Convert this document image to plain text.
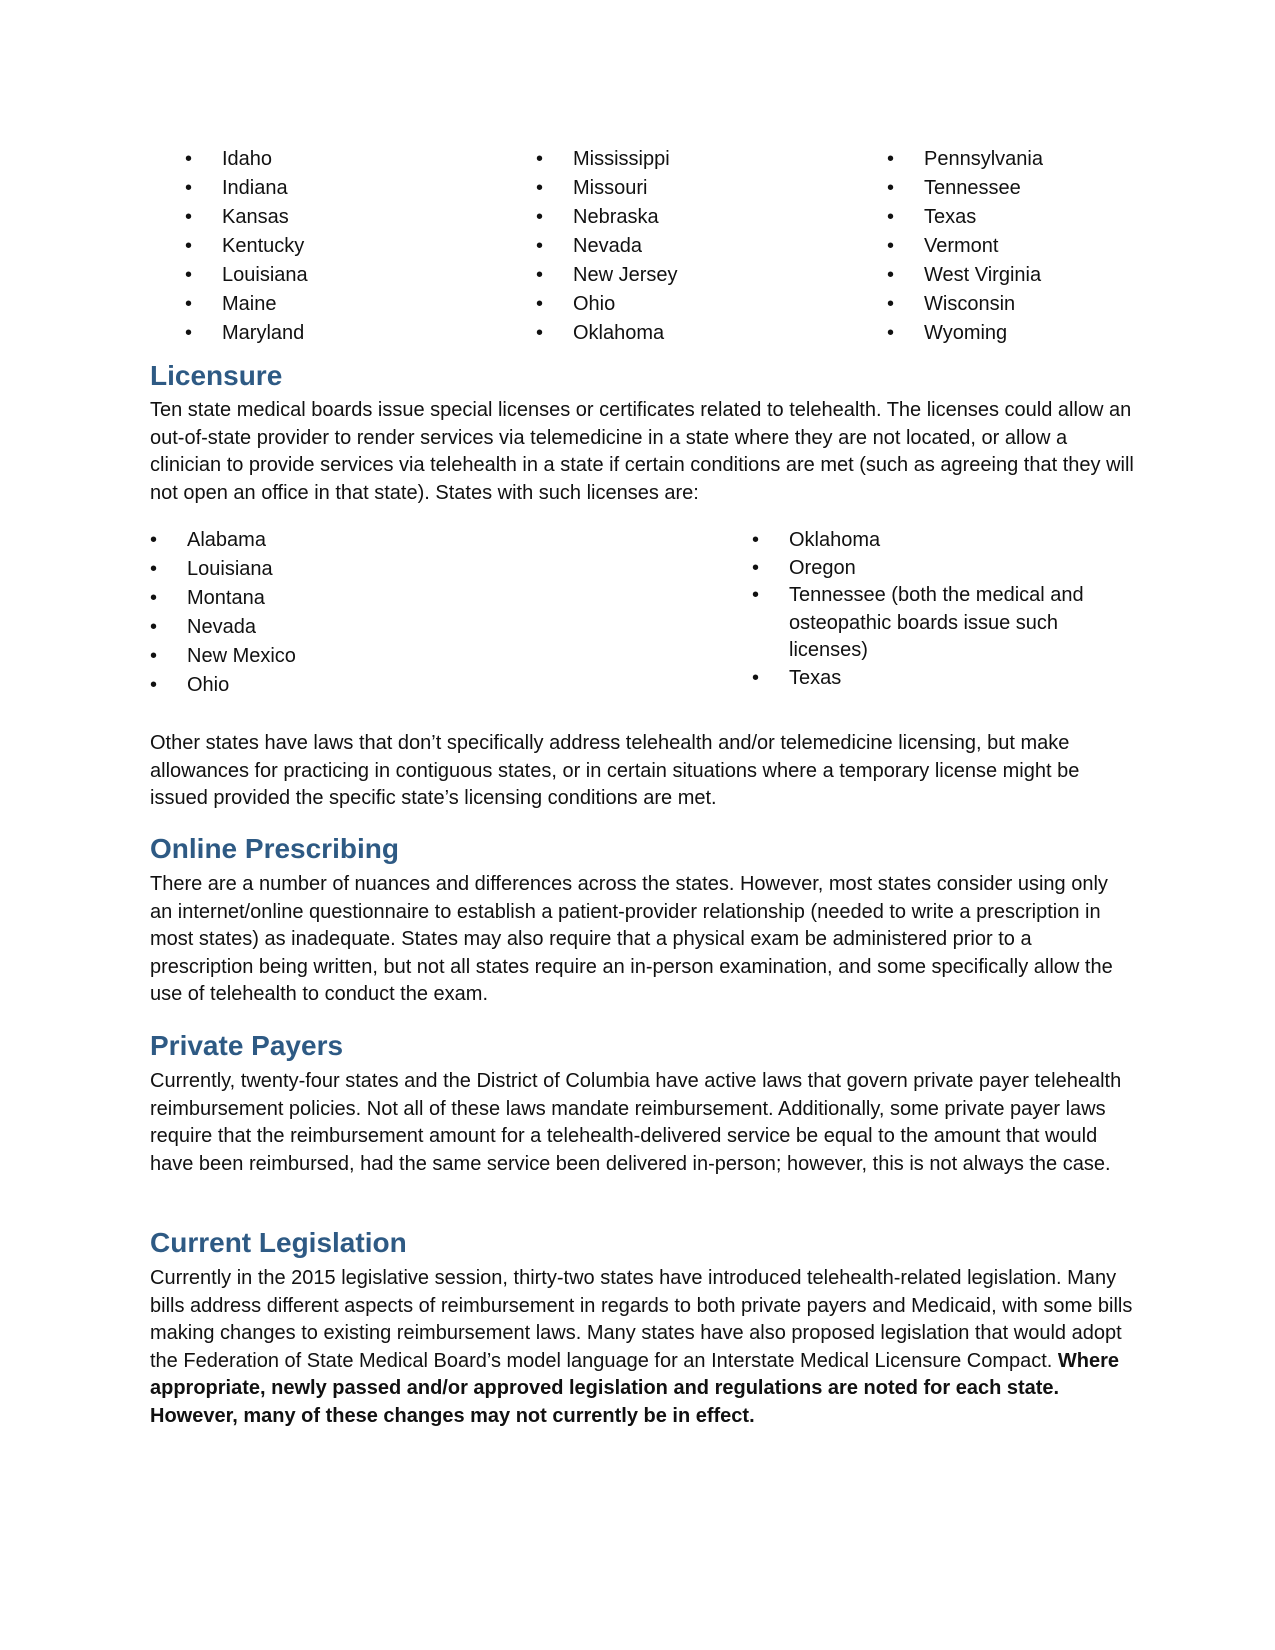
• Idaho
• Indiana
• Kansas
• Kentucky
• Louisiana
• Maine
• Maryland
• Mississippi
• Missouri
• Nebraska
• Nevada
• New Jersey
• Ohio
• Oklahoma
• Pennsylvania
• Tennessee
• Texas
• Vermont
• West Virginia
• Wisconsin
• Wyoming
Licensure

Ten state medical boards issue special licenses or certificates related to telehealth. The licenses could allow an out-of-state provider to render services via telemedicine in a state where they are not located, or allow a clinician to provide services via telehealth in a state if certain conditions are met (such as agreeing that they will not open an office in that state). States with such licenses are:

• Alabama
• Louisiana
• Montana
• Nevada
• New Mexico
• Ohio
• Oklahoma
• Oregon
• Tennessee (both the medical and osteopathic boards issue such licenses)
• Texas

Other states have laws that don’t specifically address telehealth and/or telemedicine licensing, but make allowances for practicing in contiguous states, or in certain situations where a temporary license might be issued provided the specific state’s licensing conditions are met.

Online Prescribing

There are a number of nuances and differences across the states. However, most states consider using only an internet/online questionnaire to establish a patient-provider relationship (needed to write a prescription in most states) as inadequate. States may also require that a physical exam be administered prior to a prescription being written, but not all states require an in-person examination, and some specifically allow the use of telehealth to conduct the exam.

Private Payers

Currently, twenty-four states and the District of Columbia have active laws that govern private payer telehealth reimbursement policies. Not all of these laws mandate reimbursement. Additionally, some private payer laws require that the reimbursement amount for a telehealth-delivered service be equal to the amount that would have been reimbursed, had the same service been delivered in-person; however, this is not always the case.

Current Legislation

Currently in the 2015 legislative session, thirty-two states have introduced telehealth-related legislation. Many bills address different aspects of reimbursement in regards to both private payers and Medicaid, with some bills making changes to existing reimbursement laws. Many states have also proposed legislation that would adopt the Federation of State Medical Board’s model language for an Interstate Medical Licensure Compact. Where appropriate, newly passed and/or approved legislation and regulations are noted for each state. However, many of these changes may not currently be in effect.
